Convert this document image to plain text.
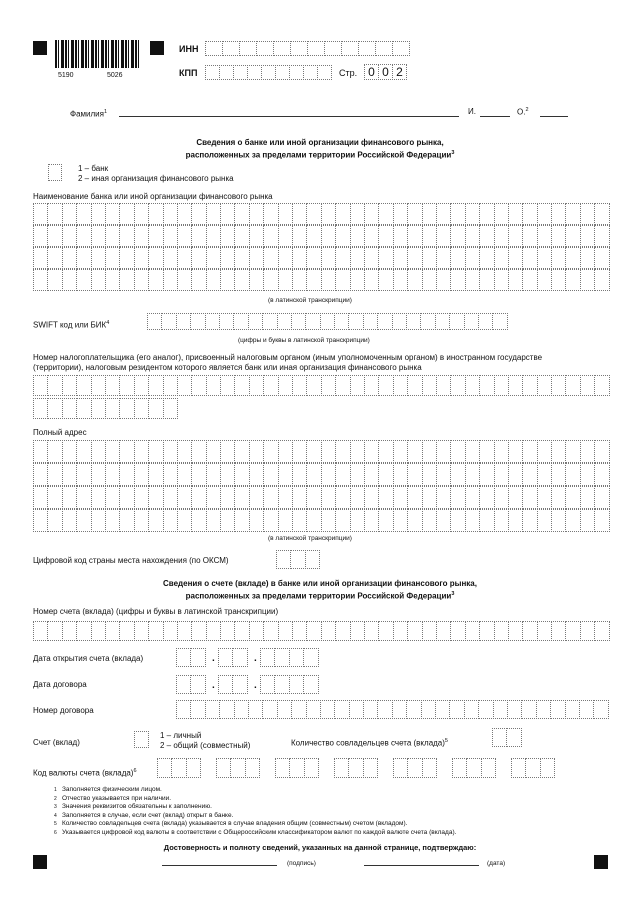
5190	5026
ИНН
КПП	Стр. 0 0 2
Фамилия$^1$	И.	О.$^2$
Сведения о банке или иной организации финансового рынка,
расположенных за пределами территории Российской Федерации$^3$
1 – банк
2 – иная организация финансового рынка
Наименование банка или иной организации финансового рынка
(в латинской транскрипции)
SWIFT код или БИК$^4$
(цифры и буквы в латинской транскрипции)
Номер налогоплательщика (его аналог), присвоенный налоговым органом (иным уполномоченным органом) в иностранном государстве
(территории), налоговым резидентом которого является банк или иная организация финансового рынка
Полный адрес
(в латинской транскрипции)
Цифровой код страны места нахождения (по ОКСМ)
Сведения о счете (вкладе) в банке или иной организации финансового рынка,
расположенных за пределами территории Российской Федерации$^3$
Номер счета (вклада) (цифры и буквы в латинской транскрипции)
Дата открытия счета (вклада)	.	.
Дата договора	.	.
Номер договора
Счет (вклад)
1 – личный
2 – общий (совместный)	Количество совладельцев счета (вклада)$^5$
Код валюты счета (вклада)$^6$
1 Заполняется физическим лицом.
2 Отчество указывается при наличии.
3 Значения реквизитов обязательны к заполнению.
4 Заполняется в случае, если счет (вклад) открыт в банке.
5 Количество совладельцев счета (вклада) указывается в случае владения общим (совместным) счетом (вкладом).
6 Указывается цифровой код валюты в соответствии с Общероссийским классификатором валют по каждой валюте счета (вклада).
Достоверность и полноту сведений, указанных на данной странице, подтверждаю:
(подпись)	(дата)
